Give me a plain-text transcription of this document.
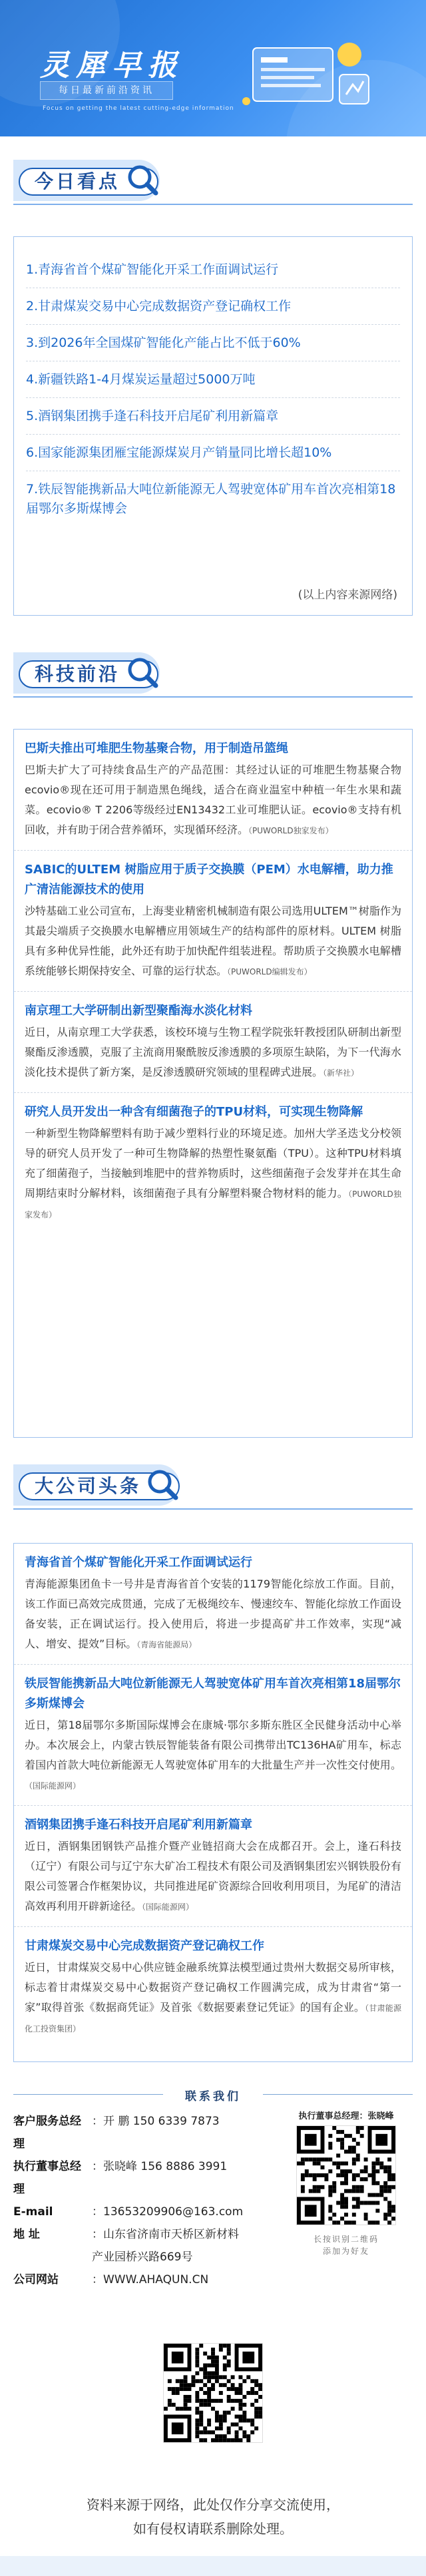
灵犀早报
每日最新前沿资讯
Focus on getting the latest cutting-edge information
今日看点
1.青海省首个煤矿智能化开采工作面调试运行
2.甘肃煤炭交易中心完成数据资产登记确权工作
3.到2026年全国煤矿智能化产能占比不低于60%
4.新疆铁路1-4月煤炭运量超过5000万吨
5.酒钢集团携手逢石科技开启尾矿利用新篇章
6.国家能源集团雁宝能源煤炭月产销量同比增长超10%
7.铁辰智能携新品大吨位新能源无人驾驶宽体矿用车首次亮相第18届鄂尔多斯煤博会
(以上内容来源网络)
科技前沿
巴斯夫推出可堆肥生物基聚合物，用于制造吊篮绳

巴斯夫扩大了可持续食品生产的产品范围：其经过认证的可堆肥生物基聚合物ecovio®现在还可用于制造黑色绳线，适合在商业温室中种植一年生水果和蔬菜。ecovio® T 2206等级经过EN13432工业可堆肥认证。ecovio®支持有机回收，并有助于闭合营养循环，实现循环经济。（PUWORLD独家发布）

SABIC的ULTEM 树脂应用于质子交换膜（PEM）水电解槽，助力推广清洁能源技术的使用

沙特基础工业公司宣布，上海斐业精密机械制造有限公司选用ULTEM™树脂作为其最尖端质子交换膜水电解槽应用领域生产的结构部件的原材料。ULTEM 树脂具有多种优异性能，此外还有助于加快配件组装进程。帮助质子交换膜水电解槽系统能够长期保持安全、可靠的运行状态。（PUWORLD编辑发布）

南京理工大学研制出新型聚酯海水淡化材料

近日，从南京理工大学获悉，该校环境与生物工程学院张轩教授团队研制出新型聚酯反渗透膜，克服了主流商用聚酰胺反渗透膜的多项原生缺陷，为下一代海水淡化技术提供了新方案，是反渗透膜研究领域的里程碑式进展。（新华社）

研究人员开发出一种含有细菌孢子的TPU材料，可实现生物降解

一种新型生物降解塑料有助于减少塑料行业的环境足迹。加州大学圣迭戈分校领导的研究人员开发了一种可生物降解的热塑性聚氨酯（TPU）。这种TPU材料填充了细菌孢子，当接触到堆肥中的营养物质时，这些细菌孢子会发芽并在其生命周期结束时分解材料，该细菌孢子具有分解塑料聚合物材料的能力。（PUWORLD独家发布）

大公司头条
青海省首个煤矿智能化开采工作面调试运行

青海能源集团鱼卡一号井是青海省首个安装的1179智能化综放工作面。目前，该工作面已高效完成贯通，完成了无极绳绞车、慢速绞车、智能化综放工作面设备安装，正在调试运行。投入使用后，将进一步提高矿井工作效率，实现“减人、增安、提效”目标。（青海省能源局）

铁辰智能携新品大吨位新能源无人驾驶宽体矿用车首次亮相第18届鄂尔多斯煤博会

近日，第18届鄂尔多斯国际煤博会在康城·鄂尔多斯东胜区全民健身活动中心举办。本次展会上，内蒙古铁辰智能装备有限公司携带出TC136HA矿用车，标志着国内首款大吨位新能源无人驾驶宽体矿用车的大批量生产并一次性交付使用。（国际能源网）

酒钢集团携手逢石科技开启尾矿利用新篇章

近日，酒钢集团钢铁产品推介暨产业链招商大会在成都召开。会上，逢石科技（辽宁）有限公司与辽宁东大矿冶工程技术有限公司及酒钢集团宏兴钢铁股份有限公司签署合作框架协议，共同推进尾矿资源综合回收利用项目，为尾矿的清洁高效再利用开辟新途径。（国际能源网）

甘肃煤炭交易中心完成数据资产登记确权工作

近日，甘肃煤炭交易中心供应链金融系统算法模型通过贵州大数据交易所审核，标志着甘肃煤炭交易中心数据资产登记确权工作圆满完成，成为甘肃省“第一家”取得首张《数据商凭证》及首张《数据要素登记凭证》的国有企业。（甘肃能源化工投资集团）

联系我们
客户服务总经理
：开 鹏 150 6339 7873
执行董事总经理
：张晓峰 156 8886 3991
E-mail	：13653209906@163.com
地 址	：山东省济南市天桥区新材料
产业园桥兴路669号
公司网站	：WWW.AHAQUN.CN
执行董事总经理：张晓峰
长按识别二维码
添加为好友
资料来源于网络，此处仅作分享交流使用，
如有侵权请联系删除处理。
